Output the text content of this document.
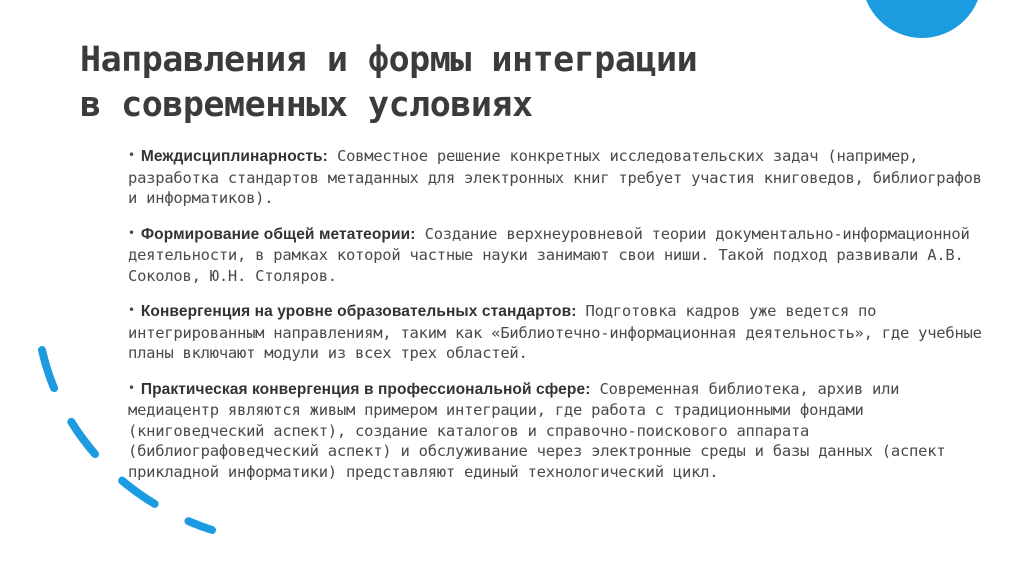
Направления и формы интеграции
в современных условиях
• Междисциплинарность: Совместное решение конкретных исследовательских задач (например, разработка стандартов метаданных для электронных книг требует участия книговедов, библиографов и информатиков).
• Формирование общей метатеории: Создание верхнеуровневой теории документально-информационной деятельности, в рамках которой частные науки занимают свои ниши. Такой подход развивали А.В. Соколов, Ю.Н. Столяров.
• Конвергенция на уровне образовательных стандартов: Подготовка кадров уже ведется по интегрированным направлениям, таким как «Библиотечно-информационная деятельность», где учебные планы включают модули из всех трех областей.
• Практическая конвергенция в профессиональной сфере: Современная библиотека, архив или медиацентр являются живым примером интеграции, где работа с традиционными фондами (книговедческий аспект), создание каталогов и справочно-поискового аппарата (библиографоведческий аспект) и обслуживание через электронные среды и базы данных (аспект прикладной информатики) представляют единый технологический цикл.
